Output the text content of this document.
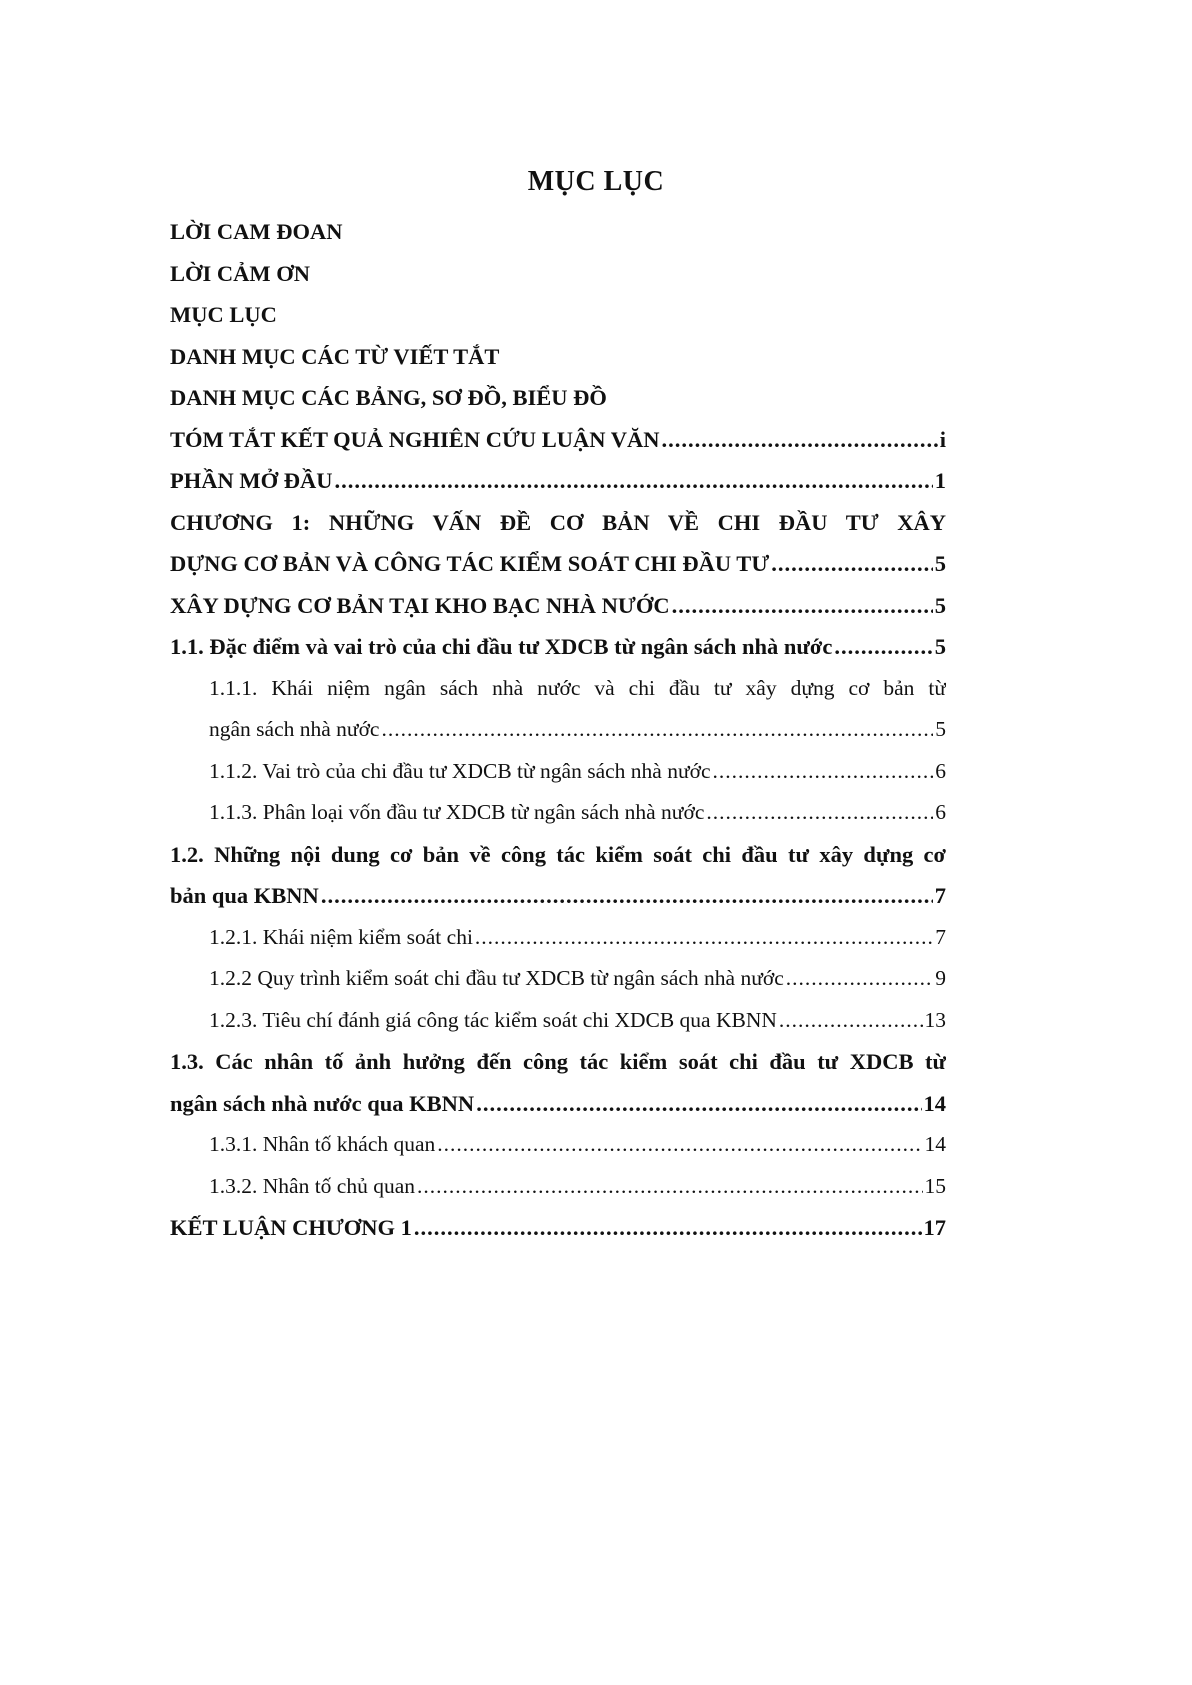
MỤC LỤC
LỜI CAM ĐOAN
LỜI CẢM ƠN
MỤC LỤC
DANH MỤC CÁC TỪ VIẾT TẮT
DANH MỤC CÁC BẢNG, SƠ ĐỒ, BIỂU ĐỒ
TÓM TẮT KẾT QUẢ NGHIÊN CỨU LUẬN VĂN .....	i
PHẦN MỞ ĐẦU .....	1
CHƯƠNG 1: NHỮNG VẤN ĐỀ CƠ BẢN VỀ CHI ĐẦU TƯ XÂY
DỰNG CƠ BẢN VÀ CÔNG TÁC KIỂM SOÁT CHI ĐẦU TƯ .....	5
XÂY DỰNG CƠ BẢN TẠI KHO BẠC NHÀ NƯỚC .....	5
1.1. Đặc điểm và vai trò của chi đầu tư XDCB từ ngân sách nhà nước .....	5
1.1.1. Khái niệm ngân sách nhà nước và chi đầu tư xây dựng cơ bản từ
ngân sách nhà nước .....	5
1.1.2. Vai trò của chi đầu tư XDCB từ ngân sách nhà nước .....	6
1.1.3. Phân loại vốn đầu tư XDCB từ ngân sách nhà nước .....	6
1.2. Những nội dung cơ bản về công tác kiểm soát chi đầu tư xây dựng cơ
bản qua KBNN .....	7
1.2.1. Khái niệm kiểm soát chi .....	7
1.2.2 Quy trình kiểm soát chi đầu tư XDCB từ ngân sách nhà nước .....	9
1.2.3. Tiêu chí đánh giá công tác kiểm soát chi XDCB qua KBNN .....	13
1.3. Các nhân tố ảnh hưởng đến công tác kiểm soát chi đầu tư XDCB từ
ngân sách nhà nước qua KBNN .....	14
1.3.1. Nhân tố khách quan .....	14
1.3.2. Nhân tố chủ quan .....	15
KẾT LUẬN CHƯƠNG 1 .....	17
